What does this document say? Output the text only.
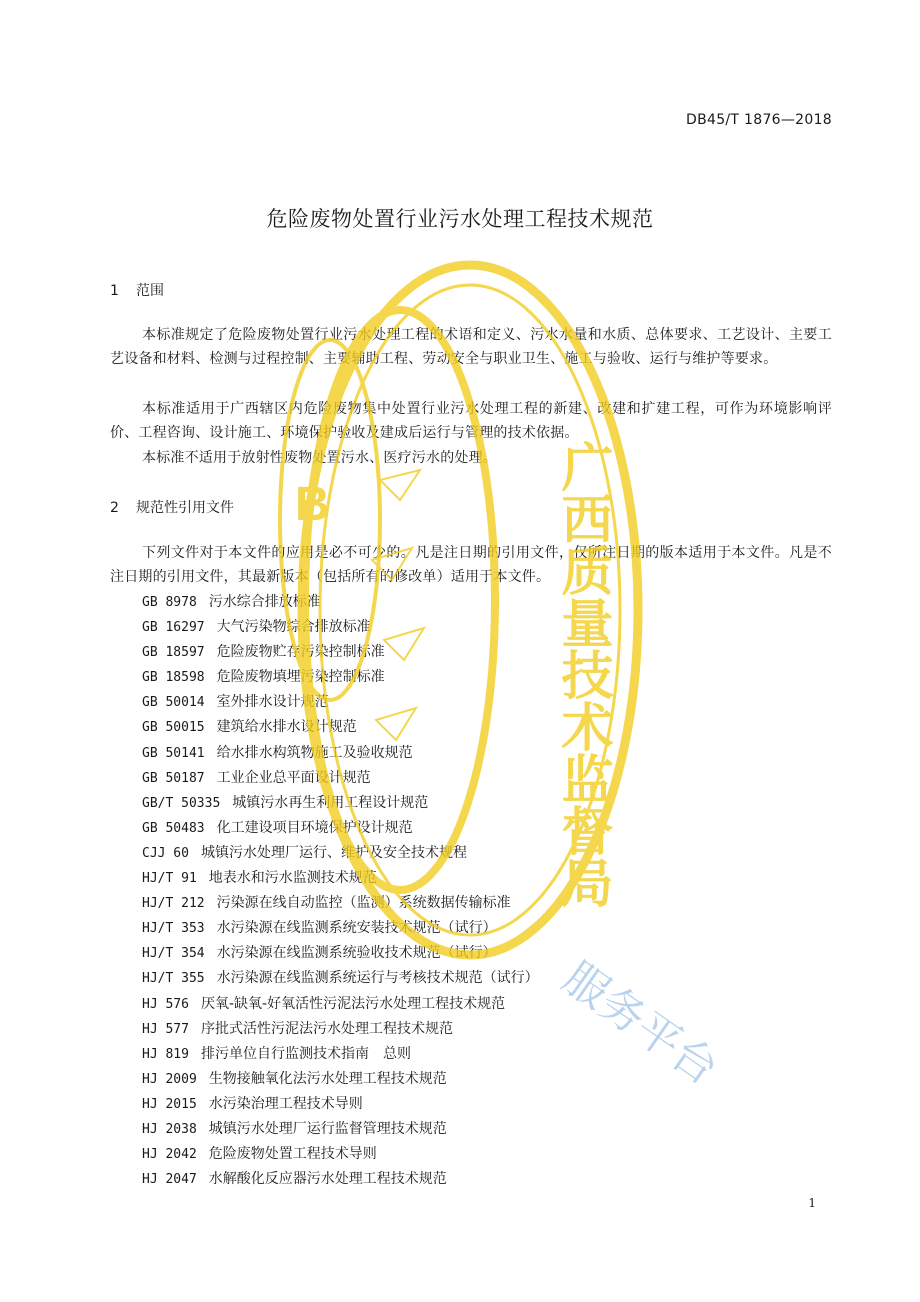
DB45/T 1876—2018
危险废物处置行业污水处理工程技术规范
1 范围
本标准规定了危险废物处置行业污水处理工程的术语和定义、污水水量和水质、总体要求、工艺设计、主要工艺设备和材料、检测与过程控制、主要辅助工程、劳动安全与职业卫生、施工与验收、运行与维护等要求。
本标准适用于广西辖区内危险废物集中处置行业污水处理工程的新建、改建和扩建工程，可作为环境影响评价、工程咨询、设计施工、环境保护验收及建成后运行与管理的技术依据。
本标准不适用于放射性废物处置污水、医疗污水的处理。
2 规范性引用文件
下列文件对于本文件的应用是必不可少的。凡是注日期的引用文件，仅所注日期的版本适用于本文件。凡是不注日期的引用文件，其最新版本（包括所有的修改单）适用于本文件。
GB 8978 污水综合排放标准
GB 16297 大气污染物综合排放标准
GB 18597 危险废物贮存污染控制标准
GB 18598 危险废物填埋污染控制标准
GB 50014 室外排水设计规范
GB 50015 建筑给水排水设计规范
GB 50141 给水排水构筑物施工及验收规范
GB 50187 工业企业总平面设计规范
GB/T 50335 城镇污水再生利用工程设计规范
GB 50483 化工建设项目环境保护设计规范
CJJ 60 城镇污水处理厂运行、维护及安全技术规程
HJ/T 91 地表水和污水监测技术规范
HJ/T 212 污染源在线自动监控（监测）系统数据传输标准
HJ/T 353 水污染源在线监测系统安装技术规范（试行）
HJ/T 354 水污染源在线监测系统验收技术规范（试行）
HJ/T 355 水污染源在线监测系统运行与考核技术规范（试行）
HJ 576 厌氧-缺氧-好氧活性污泥法污水处理工程技术规范
HJ 577 序批式活性污泥法污水处理工程技术规范
HJ 819 排污单位自行监测技术指南　总则
HJ 2009 生物接触氧化法污水处理工程技术规范
HJ 2015 水污染治理工程技术导则
HJ 2038 城镇污水处理厂运行监督管理技术规范
HJ 2042 危险废物处置工程技术导则
HJ 2047 水解酸化反应器污水处理工程技术规范
1
广西质量技术监督局
B
服务平台
